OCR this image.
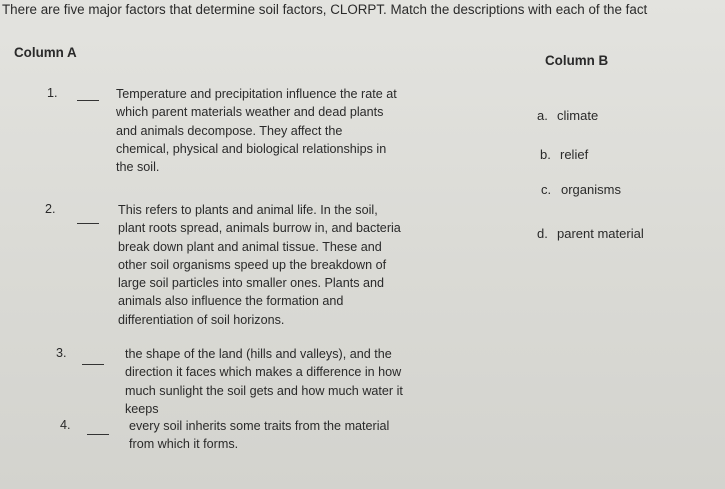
There are five major factors that determine soil factors, CLORPT. Match the descriptions with each of the fact
Column A
Column B
1.	Temperature and precipitation influence the rate at
which parent materials weather and dead plants
and animals decompose. They affect the
chemical, physical and biological relationships in
the soil.
2.	This refers to plants and animal life. In the soil,
plant roots spread, animals burrow in, and bacteria
break down plant and animal tissue. These and
other soil organisms speed up the breakdown of
large soil particles into smaller ones. Plants and
animals also influence the formation and
differentiation of soil horizons.
3.	the shape of the land (hills and valleys), and the
direction it faces which makes a difference in how
much sunlight the soil gets and how much water it
keeps
4.	every soil inherits some traits from the material
from which it forms.
a. climate
b. relief
c. organisms
d. parent material
